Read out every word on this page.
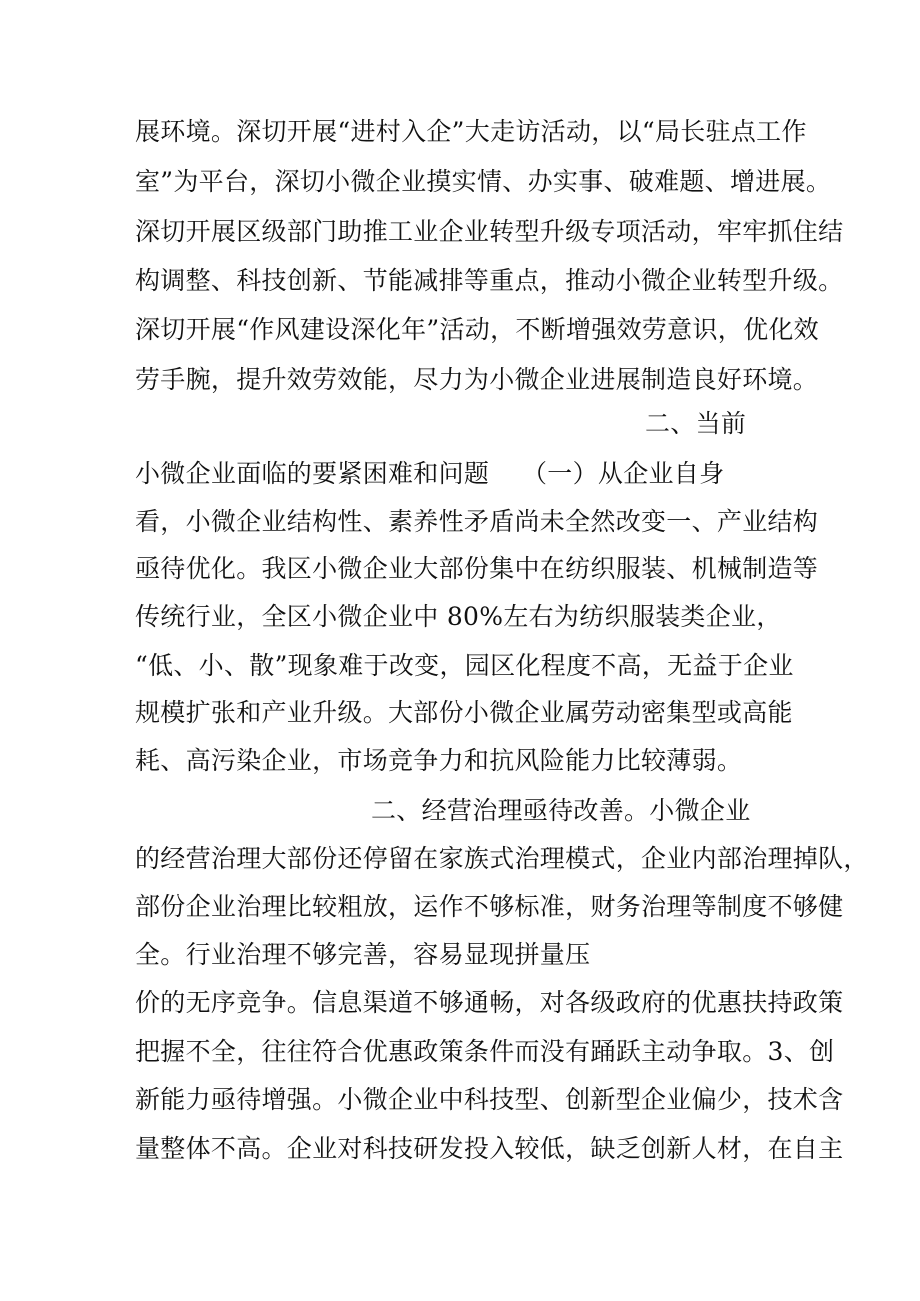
展环境。深切开展“进村入企”大走访活动，以“局长驻点工作
室”为平台，深切小微企业摸实情、办实事、破难题、增进展。
深切开展区级部门助推工业企业转型升级专项活动，牢牢抓住结
构调整、科技创新、节能减排等重点，推动小微企业转型升级。
深切开展“作风建设深化年”活动，不断增强效劳意识，优化效
劳手腕，提升效劳效能，尽力为小微企业进展制造良好环境。
二、当前
小微企业面临的要紧困难和问题 （一）从企业自身
看，小微企业结构性、素养性矛盾尚未全然改变一、产业结构
亟待优化。我区小微企业大部份集中在纺织服装、机械制造等
传统行业，全区小微企业中 80%左右为纺织服装类企业，
“低、小、散”现象难于改变，园区化程度不高，无益于企业
规模扩张和产业升级。大部份小微企业属劳动密集型或高能
耗、高污染企业，市场竞争力和抗风险能力比较薄弱。
二、经营治理亟待改善。小微企业
的经营治理大部份还停留在家族式治理模式，企业内部治理掉队，
部份企业治理比较粗放，运作不够标准，财务治理等制度不够健
全。行业治理不够完善，容易显现拼量压
价的无序竞争。信息渠道不够通畅，对各级政府的优惠扶持政策
把握不全，往往符合优惠政策条件而没有踊跃主动争取。3、创
新能力亟待增强。小微企业中科技型、创新型企业偏少，技术含
量整体不高。企业对科技研发投入较低，缺乏创新人材，在自主
